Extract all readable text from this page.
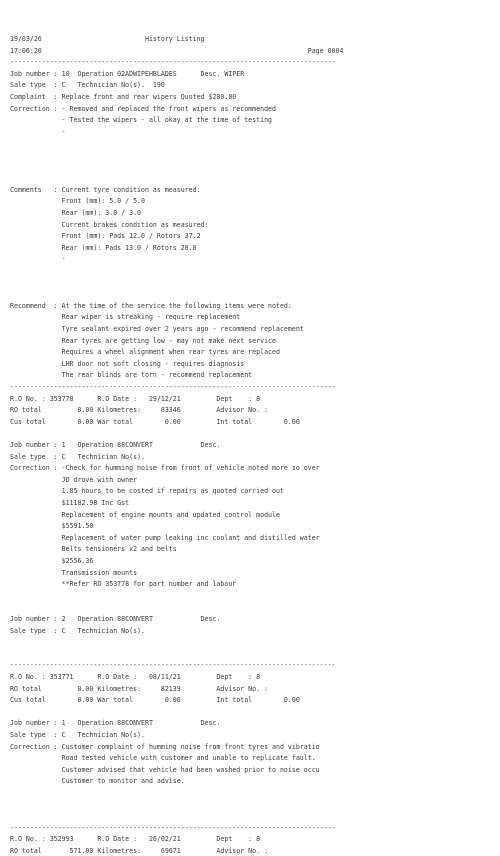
19/03/26                          History Listing
17:06:20                                                                   Page 0004
----------------------------------------------------------------------------------
Job number : 10  Operation 02ADWIPEHBLADES      Desc. WIPER
Sale type  : C   Technician No(s).  190
Complaint  : Replace front and rear wipers Quoted $280.00
Correction : - Removed and replaced the front wipers as recommended
- Tested the wipers - all okay at the time of testing
-
Comments   : Current tyre condition as measured:
Front (mm): 5.0 / 5.0
Rear (mm): 3.0 / 3.0
Current brakes condition as measured:
Front (mm): Pads 12.0 / Rotors 37.2
Rear (mm): Pads 13.0 / Rotors 28.8
-
Recommend  : At the time of the service the following items were noted:
Rear wiper is streaking - require replacement
Tyre sealant expired over 2 years ago - recommend replacement
Rear tyres are getting low - may not make next service
Requires a wheel alignment when rear tyres are replaced
LHR door not soft closing - requires diagnosis
The rear blinds are torn - recommend replacement
----------------------------------------------------------------------------------
R.O No. : 353778      R.O Date :   29/12/21         Dept    : 8
RO total         0.00 Kilometres:     83346         Advisor No. :
Cus total        0.00 War total        0.00         Int total        0.00
Job number : 1   Operation 88CONVERT            Desc.
Sale type  : C   Technician No(s).
Correction : -Check for humming noise from front of vehicle noted more so over
JD drove with owner
1.85 hours to be costed if repairs as quoted carried out
$11182.98 Inc Gst
Replacement of engine mounts and updated control module
$5591.50
Replacement of water pump leaking inc coolant and distilled water
Belts tensioners x2 and belts
$2556.36
Transmission mounts
**Refer RO 353778 for part number and labour
Job number : 2   Operation 88CONVERT            Desc.
Sale type  : C   Technician No(s).
----------------------------------------------------------------------------------
R.O No. : 353771      R.O Date :   08/11/21         Dept    : 8
RO total         0.00 Kilometres:     82139         Advisor No. :
Cus total        0.00 War total        0.00         Int total        0.00
Job number : 1   Operation 88CONVERT            Desc.
Sale type  : C   Technician No(s).
Correction : Customer complaint of humming noise from front tyres and vibratio
Road tested vehicle with customer and unable to replicate fault.
Customer advised that vehicle had been washed prior to noise occu
Customer to monitor and advise.
----------------------------------------------------------------------------------
R.O No. : 352993      R.O Date :   26/02/21         Dept    : 8
RO total       571.00 Kilometres:     69671         Advisor No. :
